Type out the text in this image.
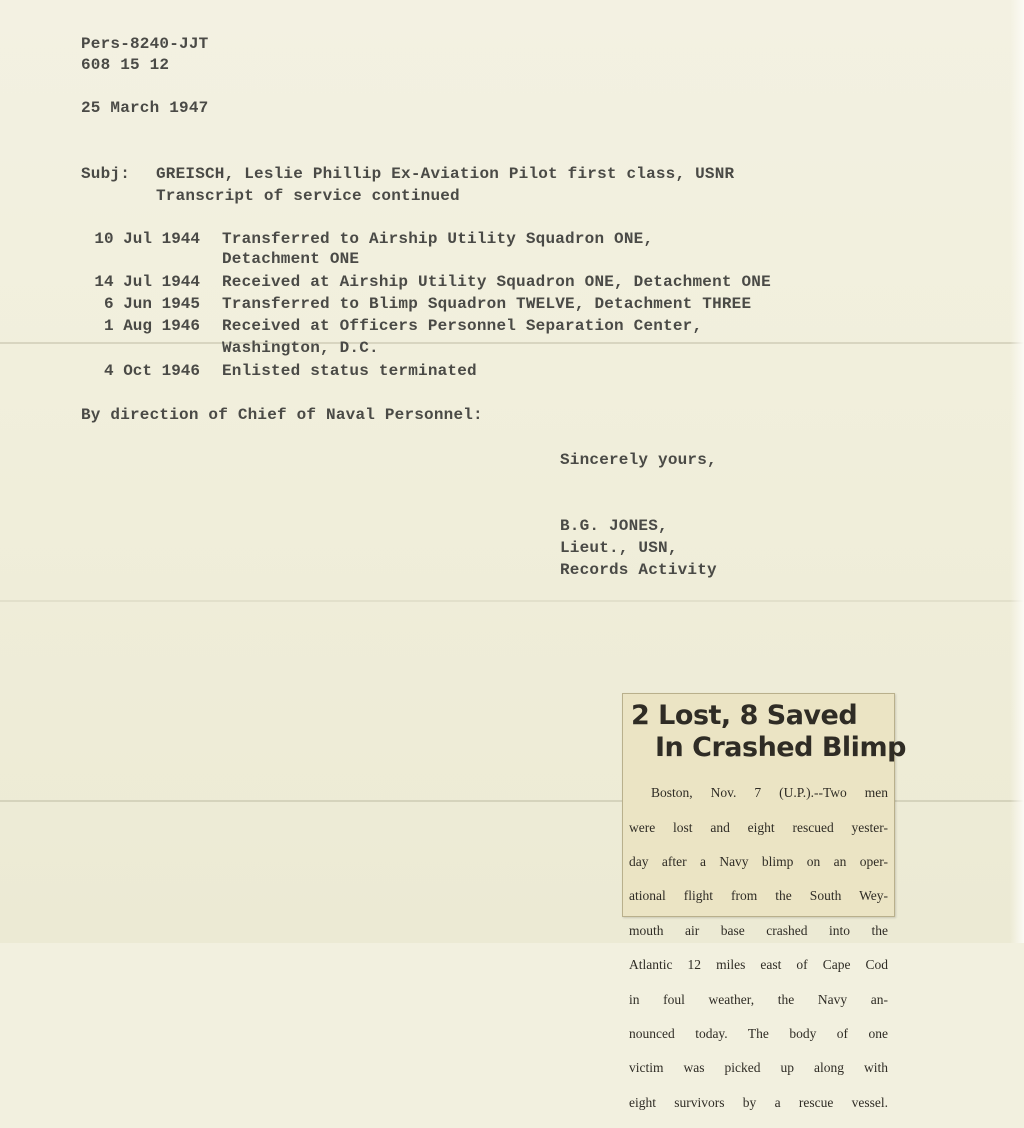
Pers-8240-JJT
608 15 12
25 March 1947
Subj: GREISCH, Leslie Phillip Ex-Aviation Pilot first class, USNR
Transcript of service continued
10 Jul 1944 Transferred to Airship Utility Squadron ONE,
Detachment ONE
14 Jul 1944 Received at Airship Utility Squadron ONE, Detachment ONE
6 Jun 1945 Transferred to Blimp Squadron TWELVE, Detachment THREE
1 Aug 1946 Received at Officers Personnel Separation Center,
Washington, D.C.
4 Oct 1946 Enlisted status terminated
By direction of Chief of Naval Personnel:
Sincerely yours,
B.G. JONES,
Lieut., USN,
Records Activity
2 Lost, 8 Saved
In Crashed Blimp

Boston, Nov. 7 (U.P.).--Two men

were lost and eight rescued yester-

day after a Navy blimp on an oper-

ational flight from the South Wey-

mouth air base crashed into the

Atlantic 12 miles east of Cape Cod

in foul weather, the Navy an-

nounced today. The body of one

victim was picked up along with

eight survivors by a rescue vessel.
